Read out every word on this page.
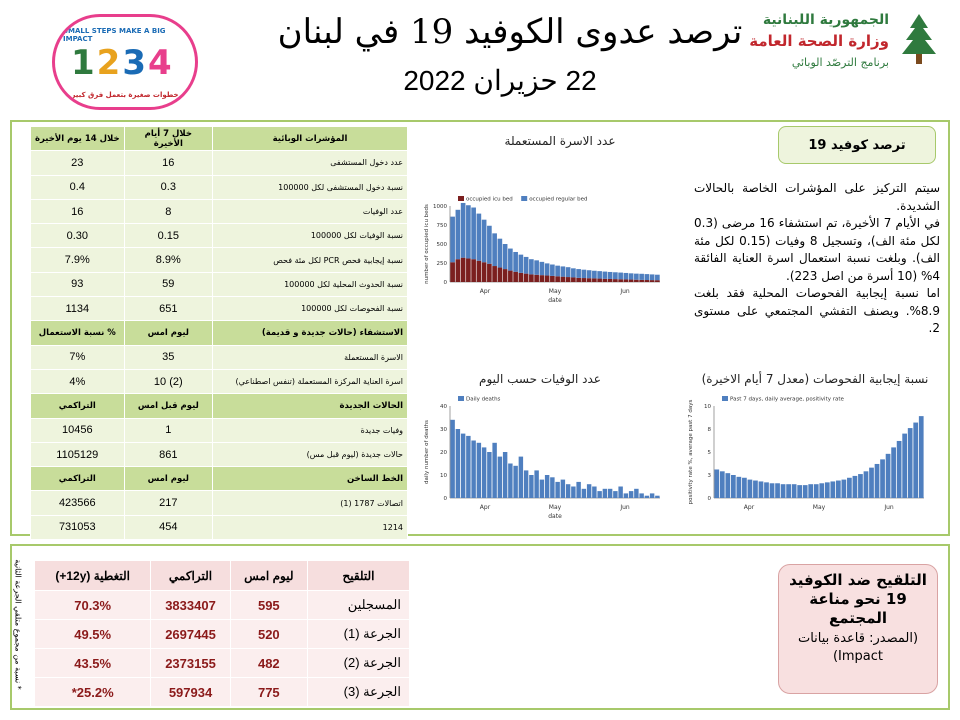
SMALL STEPS MAKE A BIG IMPACT
1234
خطوات صغيرة بتعمل فرق كبير
ترصد عدوى الكوفيد 19 في لبنان
22 حزيران 2022
الجمهورية اللبنانية
وزارة الصحة العامة
برنامج الترصّد الوبائي
المؤشرات الوبائية	خلال 7 أيام الأخيرة	خلال 14 يوم الأخيرة
عدد دخول المستشفى	16	23
نسبة دخول المستشفى لكل 100000	0.3	0.4
عدد الوفيات	8	16
نسبة الوفيات لكل 100000	0.15	0.30
نسبة إيجابية فحص PCR لكل مئة فحص	8.9%	7.9%
نسبة الحدوث المحلية لكل 100000	59	93
نسبة الفحوصات لكل 100000	651	1134
الاستشفاء (حالات جديدة و قديمة)	ليوم امس	% نسبة الاستعمال
الاسرة المستعملة	35	7%
اسرة العناية المركزة المستعملة (تنفس اصطناعي)	(2) 10	4%
الحالات الجديدة	ليوم قبل امس	التراكمي
وفيات جديدة	1	10456
حالات جديدة (ليوم قبل مس)	861	1105129
الخط الساخن	ليوم امس	التراكمي
اتصالات 1787 (1)	217	423566
1214	454	731053
عدد الاسرة المستعملة
عدد الوفيات حسب اليوم	نسبة إيجابية الفحوصات (معدل 7 أيام الاخيرة)
0
250
500
750
1000
number of occupied icu beds
date
Apr	May	Jun
occupied icu bed	occupied regular bed
0
10
20
30
40
daily number of deaths
date
Apr	May	Jun
Daily deaths
0
3
5
8
10
positivity rate %, average past 7 days
Apr	May	Jun
Past 7 days, daily average, positivity rate
ترصد كوفيد 19

سيتم التركيز على المؤشرات الخاصة بالحالات الشديدة.

في الأيام 7 الأخيرة، تم استشفاء 16 مرضى (0.3 لكل مئة الف)، وتسجيل 8 وفيات (0.15 لكل مئة الف). وبلغت نسبة استعمال اسرة العناية الفائقة 4% (10 أسرة من اصل 223).

اما نسبة إيجابية الفحوصات المحلية فقد بلغت 8.9%. ويصنف التفشي المجتمعي على مستوى 2.

* نسبة من مجموع متلقي الجرعة الثانية	التلقيح	ليوم امس	التراكمي	التغطية (12y+)
المسجلين	595	3833407	70.3%
الجرعة (1)	520	2697445	49.5%
الجرعة (2)	482	2373155	43.5%
الجرعة (3)	775	597934	25.2%*
التلقيح ضد الكوفيد 19 نحو مناعة المجتمع
(المصدر: قاعدة بيانات Impact)
